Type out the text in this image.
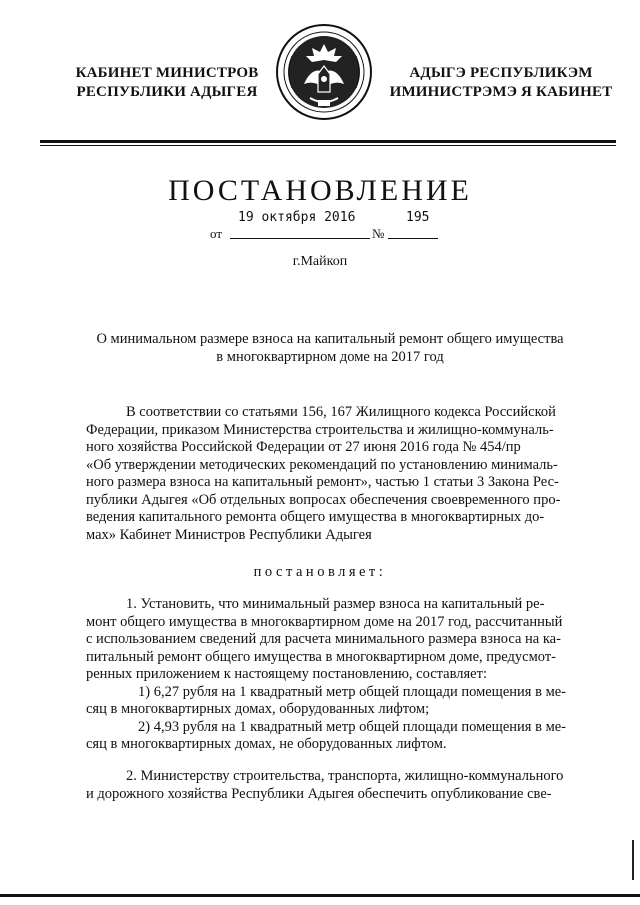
КАБИНЕТ МИНИСТРОВ
РЕСПУБЛИКИ АДЫГЕЯ
АДЫГЭ РЕСПУБЛИКЭМ
ИМИНИСТРЭМЭ Я КАБИНЕТ
ПОСТАНОВЛЕНИЕ
от
19 октября 2016
№
195
г.Майкоп
О минимальном размере взноса на капитальный ремонт общего имущества
в многоквартирном доме на 2017 год
В соответствии со статьями 156, 167 Жилищного кодекса Российской
Федерации, приказом Министерства строительства и жилищно-коммуналь-
ного хозяйства Российской Федерации от 27 июня 2016 года № 454/пр
«Об утверждении методических рекомендаций по установлению минималь-
ного размера взноса на капитальный ремонт», частью 1 статьи 3 Закона Рес-
публики Адыгея «Об отдельных вопросах обеспечения своевременного про-
ведения капитального ремонта общего имущества в многоквартирных до-
мах» Кабинет Министров Республики Адыгея
постановляет:
1. Установить, что минимальный размер взноса на капитальный ре-
монт общего имущества в многоквартирном доме на 2017 год, рассчитанный
с использованием сведений для расчета минимального размера взноса на ка-
питальный ремонт общего имущества в многоквартирном доме, предусмот-
ренных приложением к настоящему постановлению, составляет:
1) 6,27 рубля на 1 квадратный метр общей площади помещения в ме-
сяц в многоквартирных домах, оборудованных лифтом;
2) 4,93 рубля на 1 квадратный метр общей площади помещения в ме-
сяц в многоквартирных домах, не оборудованных лифтом.
2. Министерству строительства, транспорта, жилищно-коммунального
и дорожного хозяйства Республики Адыгея обеспечить опубликование све-
